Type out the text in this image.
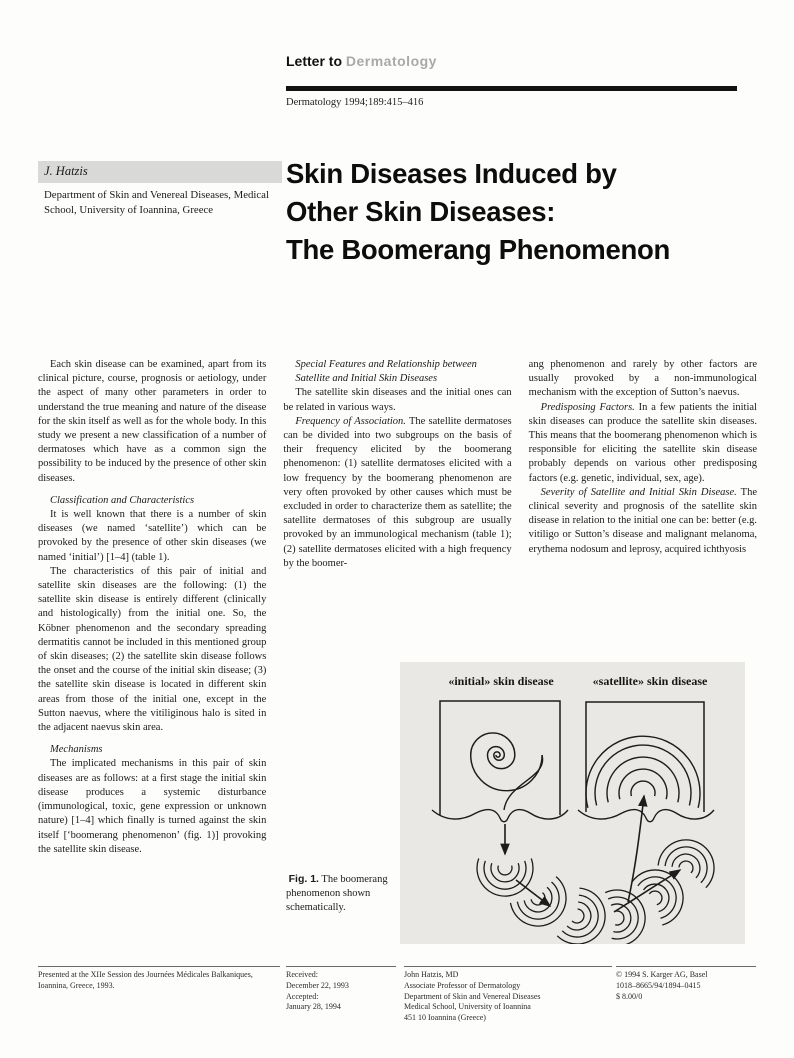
Letter to Dermatology
Dermatology 1994;189:415–416
J. Hatzis
Department of Skin and Venereal Diseases, Medical School, University of Ioannina, Greece
Skin Diseases Induced by
Other Skin Diseases:
The Boomerang Phenomenon

Each skin disease can be examined, apart from its clinical picture, course, prognosis or aetiology, under the aspect of many other parameters in order to understand the true meaning and nature of the disease for the skin itself as well as for the whole body. In this study we present a new classification of a number of dermatoses which have as a common sign the possibility to be induced by the presence of other skin diseases.

Classification and Characteristics

It is well known that there is a number of skin diseases (we named ‘satellite’) which can be provoked by the presence of other skin diseases (we named ‘initial’) [1–4] (table 1).

The characteristics of this pair of initial and satellite skin diseases are the following: (1) the satellite skin disease is entirely different (clinically and histologically) from the initial one. So, the Köbner phenomenon and the secondary spreading dermatitis cannot be included in this mentioned group of skin diseases; (2) the satellite skin disease follows the onset and the course of the initial skin disease; (3) the satellite skin disease is located in different skin areas from those of the initial one, except in the Sutton naevus, where the vitiliginous halo is sited in the adjacent naevus skin area.

Mechanisms

The implicated mechanisms in this pair of skin diseases are as follows: at a first stage the initial skin disease produces a systemic disturbance (immunological, toxic, gene expression or unknown nature) [1–4] which finally is turned against the skin itself [‘boomerang phenomenon’ (fig. 1)] provoking the satellite skin disease.

Special Features and Relationship between Satellite and Initial Skin Diseases

The satellite skin diseases and the initial ones can be related in various ways.

Frequency of Association. The satellite dermatoses can be divided into two subgroups on the basis of their frequency elicited by the boomerang phenomenon: (1) satellite dermatoses elicited with a low frequency by the boomerang phenomenon are very often provoked by other causes which must be excluded in order to characterize them as satellite; the satellite dermatoses of this subgroup are usually provoked by an immunological mechanism (table 1); (2) satellite dermatoses elicited with a high frequency by the boomer-

ang phenomenon and rarely by other factors are usually provoked by a non-immunological mechanism with the exception of Sutton’s naevus.

Predisposing Factors. In a few patients the initial skin diseases can produce the satellite skin diseases. This means that the boomerang phenomenon which is responsible for eliciting the satellite skin disease probably depends on various other predisposing factors (e.g. genetic, individual, sex, age).

Severity of Satellite and Initial Skin Disease. The clinical severity and prognosis of the satellite skin disease in relation to the initial one can be: better (e.g. vitiligo or Sutton’s disease and malignant melanoma, erythema nodosum and leprosy, acquired ichthyosis

«initial» skin disease	«satellite» skin disease
Fig. 1. The boomerang phenomenon shown schematically.
Presented at the XIIe Session des Journées Médicales Balkaniques, Ioannina, Greece, 1993.
Received:
December 22, 1993
Accepted:
January 28, 1994
John Hatzis, MD
Associate Professor of Dermatology
Department of Skin and Venereal Diseases
Medical School, University of Ioannina
451 10 Ioannina (Greece)
© 1994 S. Karger AG, Basel
1018–8665/94/1894–0415
$ 8.00/0
